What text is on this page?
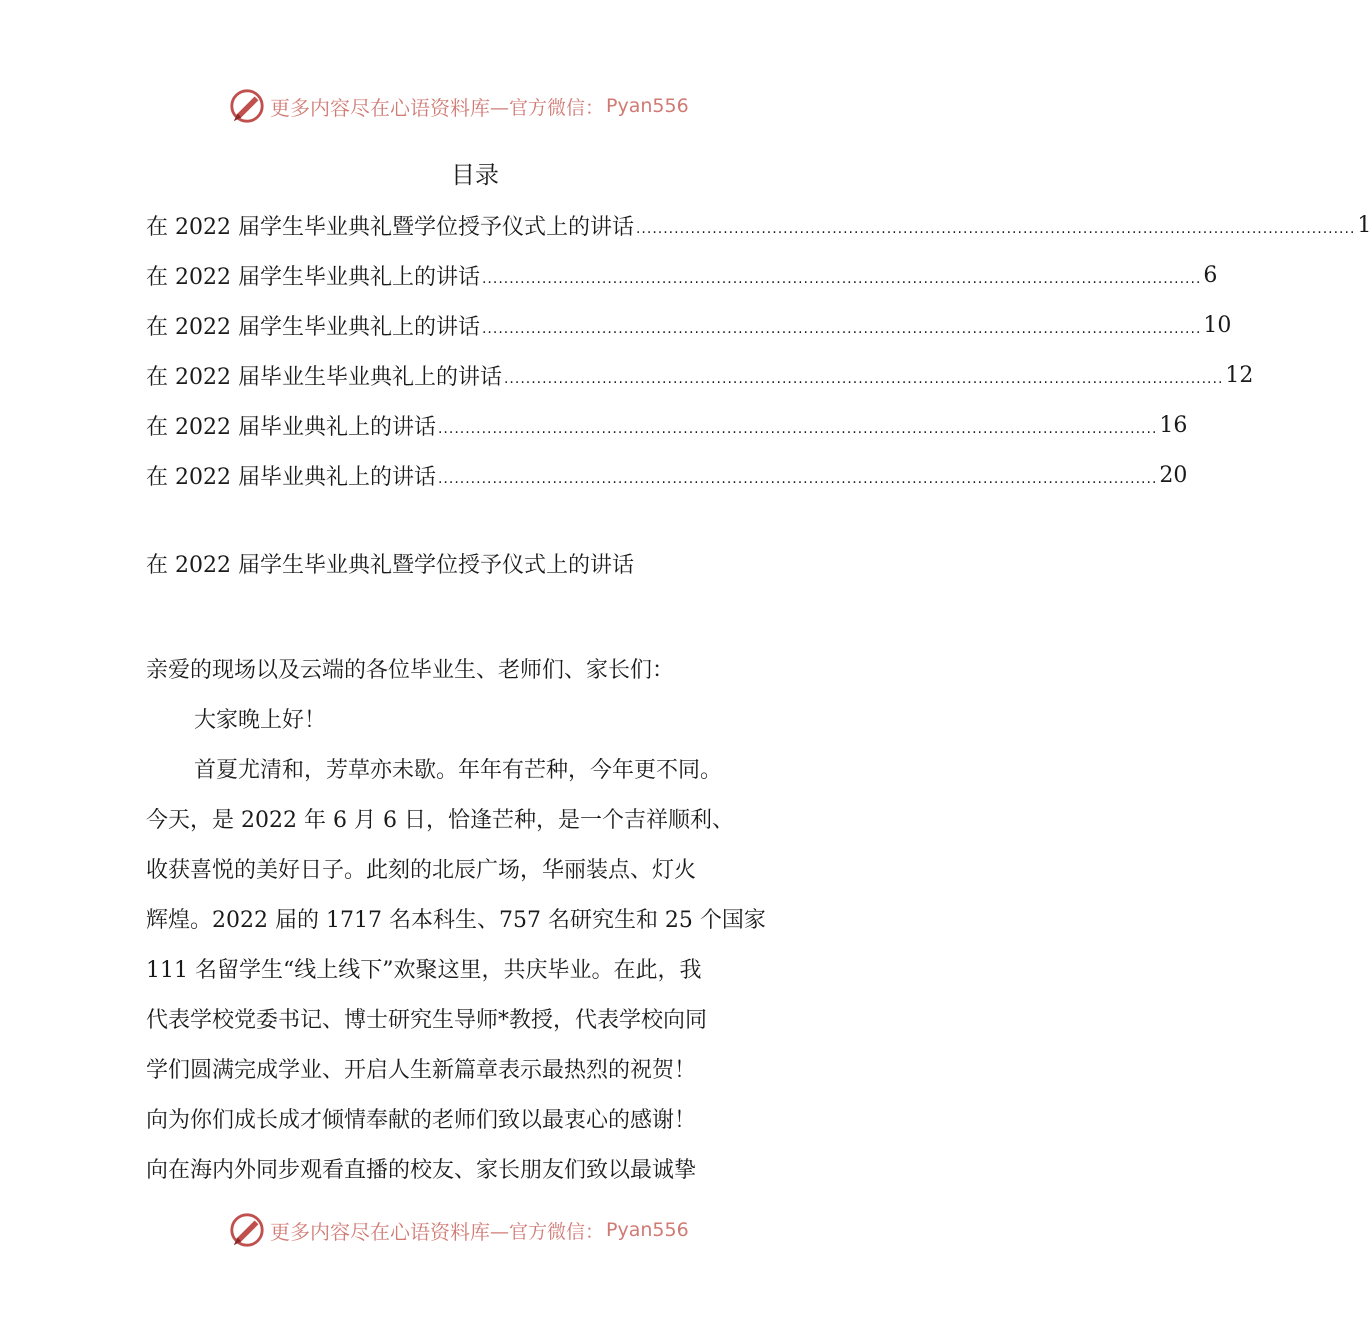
更多内容尽在心语资料库 —官方微信： Pyan556
目录
在 2022 届学生毕业典礼暨学位授予仪式上的讲话 .................................................................................................................................... 1
在 2022 届学生毕业典礼上的讲话 .................................................................................................................................... 6
在 2022 届学生毕业典礼上的讲话 .................................................................................................................................... 10
在 2022 届毕业生毕业典礼上的讲话 .................................................................................................................................... 12
在 2022 届毕业典礼上的讲话 .................................................................................................................................... 16
在 2022 届毕业典礼上的讲话 .................................................................................................................................... 20
在 2022 届学生毕业典礼暨学位授予仪式上的讲话

亲爱的现场以及云端的各位毕业生、老师们、家长们：

大家晚上好！

首夏尤清和，芳草亦未歇。年年有芒种，今年更不同。

今天，是 2022 年 6 月 6 日，恰逢芒种，是一个吉祥顺利、

收获喜悦的美好日子。此刻的北辰广场，华丽装点、灯火

辉煌。2022 届的 1717 名本科生、757 名研究生和 25 个国家

111 名留学生“线上线下”欢聚这里，共庆毕业。在此，我

代表学校党委书记、博士研究生导师*教授，代表学校向同

学们圆满完成学业、开启人生新篇章表示最热烈的祝贺！

向为你们成长成才倾情奉献的老师们致以最衷心的感谢！

向在海内外同步观看直播的校友、家长朋友们致以最诚挚

更多内容尽在心语资料库 —官方微信： Pyan556
